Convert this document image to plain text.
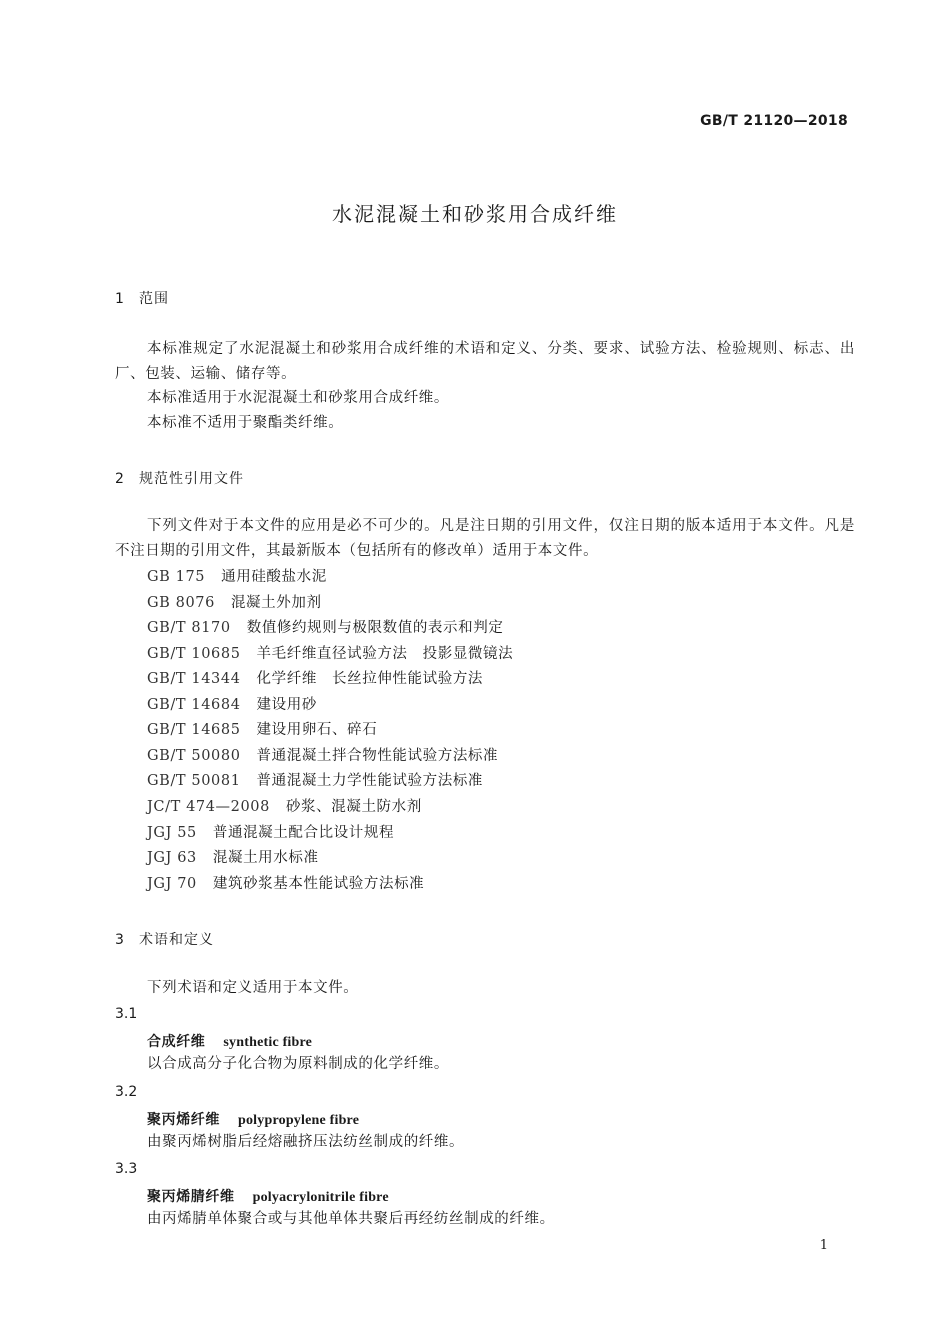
GB/T 21120—2018
水泥混凝土和砂浆用合成纤维
1 范围
本标准规定了水泥混凝土和砂浆用合成纤维的术语和定义、分类、要求、试验方法、检验规则、标志、出厂、包装、运输、储存等。
本标准适用于水泥混凝土和砂浆用合成纤维。
本标准不适用于聚酯类纤维。
2 规范性引用文件
下列文件对于本文件的应用是必不可少的。凡是注日期的引用文件，仅注日期的版本适用于本文件。凡是不注日期的引用文件，其最新版本（包括所有的修改单）适用于本文件。
GB 175 通用硅酸盐水泥
GB 8076 混凝土外加剂
GB/T 8170 数值修约规则与极限数值的表示和判定
GB/T 10685 羊毛纤维直径试验方法　投影显微镜法
GB/T 14344 化学纤维　长丝拉伸性能试验方法
GB/T 14684 建设用砂
GB/T 14685 建设用卵石、碎石
GB/T 50080 普通混凝土拌合物性能试验方法标准
GB/T 50081 普通混凝土力学性能试验方法标准
JC/T 474—2008 砂浆、混凝土防水剂
JGJ 55 普通混凝土配合比设计规程
JGJ 63 混凝土用水标准
JGJ 70 建筑砂浆基本性能试验方法标准
3 术语和定义
下列术语和定义适用于本文件。
3.1
合成纤维 synthetic fibre
以合成高分子化合物为原料制成的化学纤维。
3.2
聚丙烯纤维 polypropylene fibre
由聚丙烯树脂后经熔融挤压法纺丝制成的纤维。
3.3
聚丙烯腈纤维 polyacrylonitrile fibre
由丙烯腈单体聚合或与其他单体共聚后再经纺丝制成的纤维。
1
